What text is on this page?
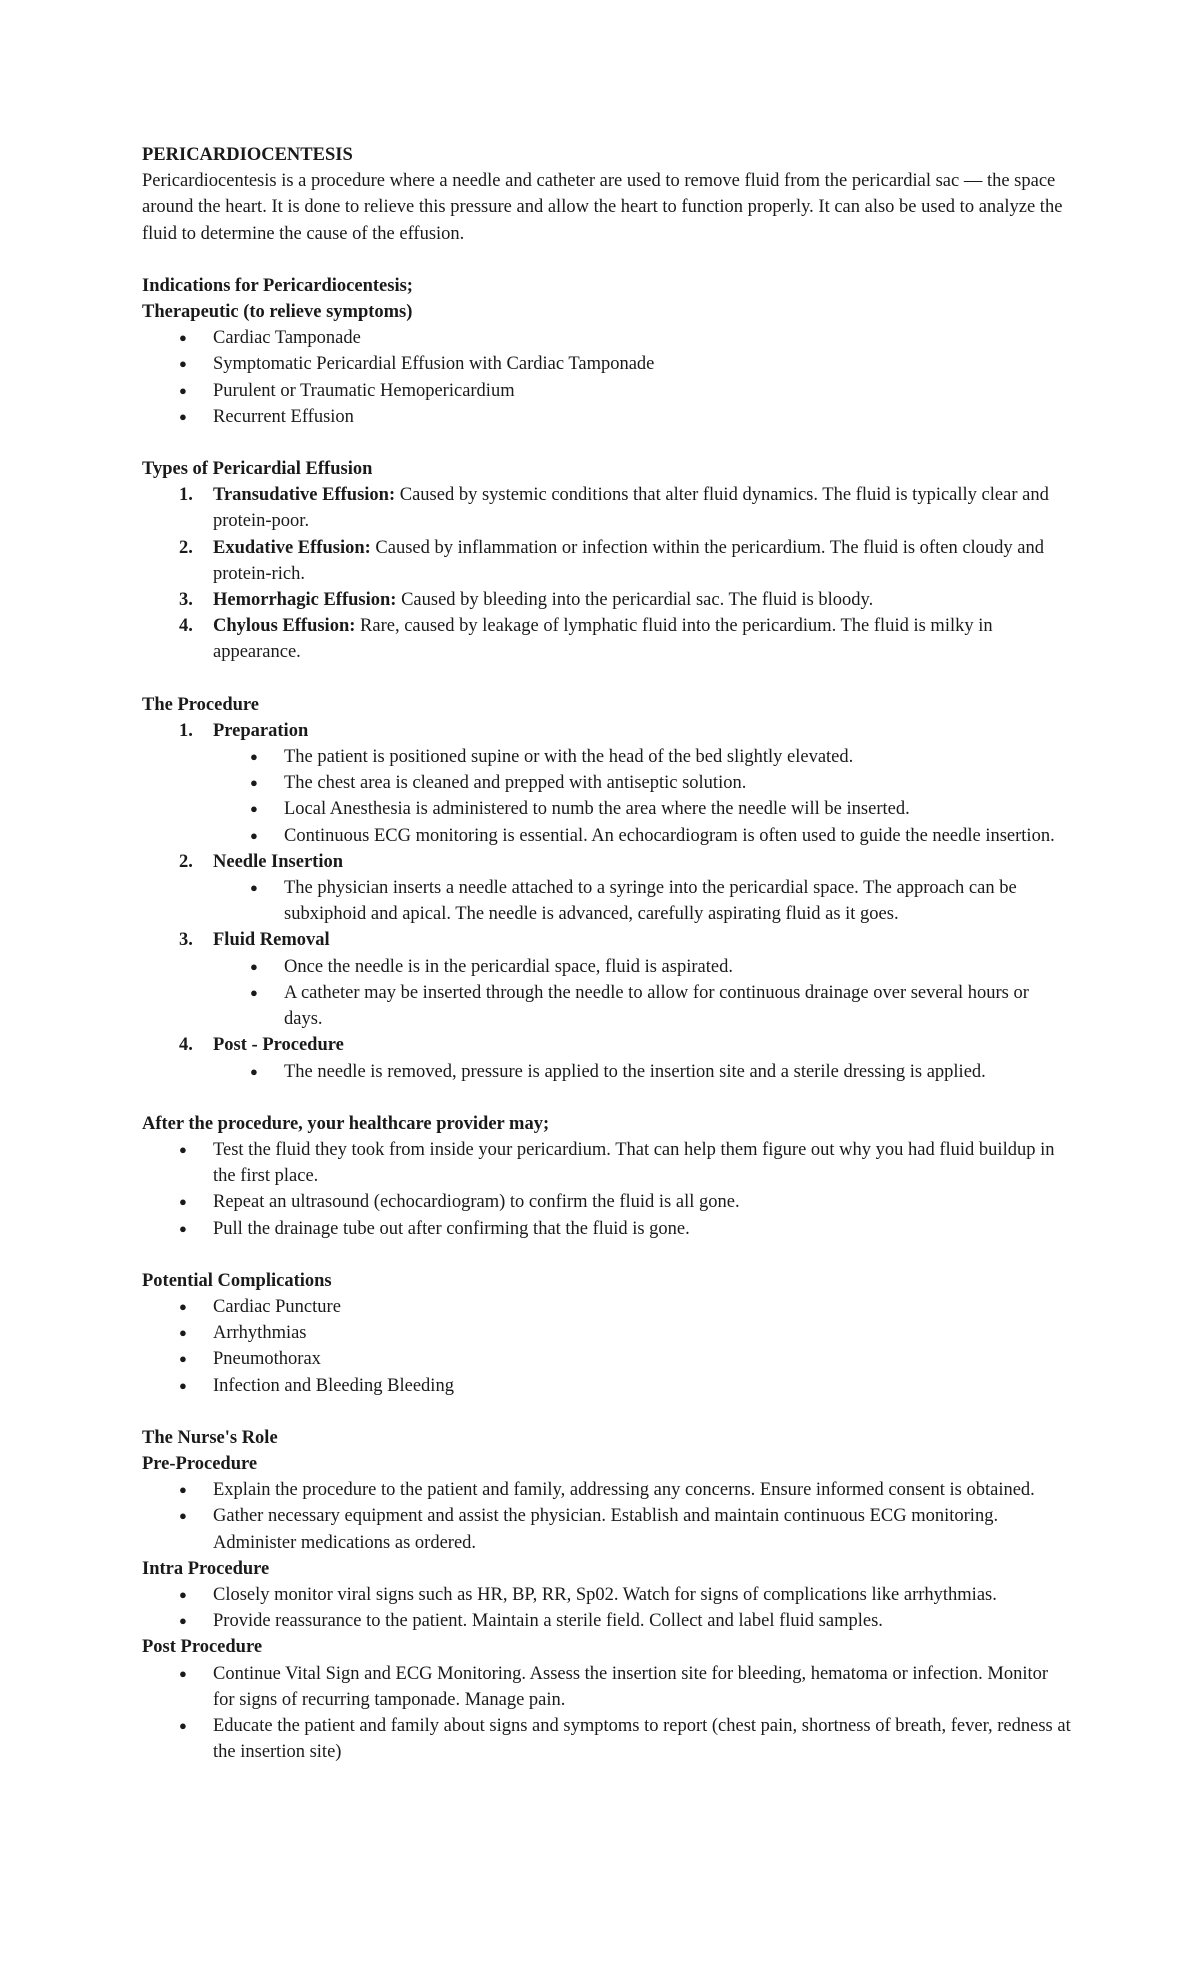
PERICARDIOCENTESIS

Pericardiocentesis is a procedure where a needle and catheter are used to remove fluid from the pericardial sac — the space around the heart. It is done to relieve this pressure and allow the heart to function properly. It can also be used to analyze the fluid to determine the cause of the effusion.

Indications for Pericardiocentesis;
Therapeutic (to relieve symptoms)
● Cardiac Tamponade
● Symptomatic Pericardial Effusion with Cardiac Tamponade
● Purulent or Traumatic Hemopericardium
● Recurrent Effusion
Types of Pericardial Effusion
1. Transudative Effusion: Caused by systemic conditions that alter fluid dynamics. The fluid is typically clear and protein-poor.
2. Exudative Effusion: Caused by inflammation or infection within the pericardium. The fluid is often cloudy and protein-rich.
3. Hemorrhagic Effusion: Caused by bleeding into the pericardial sac. The fluid is bloody.
4. Chylous Effusion: Rare, caused by leakage of lymphatic fluid into the pericardium. The fluid is milky in appearance.
The Procedure
1. Preparation
● The patient is positioned supine or with the head of the bed slightly elevated.
● The chest area is cleaned and prepped with antiseptic solution.
● Local Anesthesia is administered to numb the area where the needle will be inserted.
● Continuous ECG monitoring is essential. An echocardiogram is often used to guide the needle insertion.
2. Needle Insertion
● The physician inserts a needle attached to a syringe into the pericardial space. The approach can be subxiphoid and apical. The needle is advanced, carefully aspirating fluid as it goes.
3. Fluid Removal
● Once the needle is in the pericardial space, fluid is aspirated.
● A catheter may be inserted through the needle to allow for continuous drainage over several hours or days.
4. Post - Procedure
● The needle is removed, pressure is applied to the insertion site and a sterile dressing is applied.
After the procedure, your healthcare provider may;
● Test the fluid they took from inside your pericardium. That can help them figure out why you had fluid buildup in the first place.
● Repeat an ultrasound (echocardiogram) to confirm the fluid is all gone.
● Pull the drainage tube out after confirming that the fluid is gone.
Potential Complications
● Cardiac Puncture
● Arrhythmias
● Pneumothorax
● Infection and Bleeding Bleeding
The Nurse's Role
Pre-Procedure
● Explain the procedure to the patient and family, addressing any concerns. Ensure informed consent is obtained.
● Gather necessary equipment and assist the physician. Establish and maintain continuous ECG monitoring. Administer medications as ordered.
Intra Procedure
● Closely monitor viral signs such as HR, BP, RR, Sp02. Watch for signs of complications like arrhythmias.
● Provide reassurance to the patient. Maintain a sterile field. Collect and label fluid samples.
Post Procedure
● Continue Vital Sign and ECG Monitoring. Assess the insertion site for bleeding, hematoma or infection. Monitor for signs of recurring tamponade. Manage pain.
● Educate the patient and family about signs and symptoms to report (chest pain, shortness of breath, fever, redness at the insertion site)
